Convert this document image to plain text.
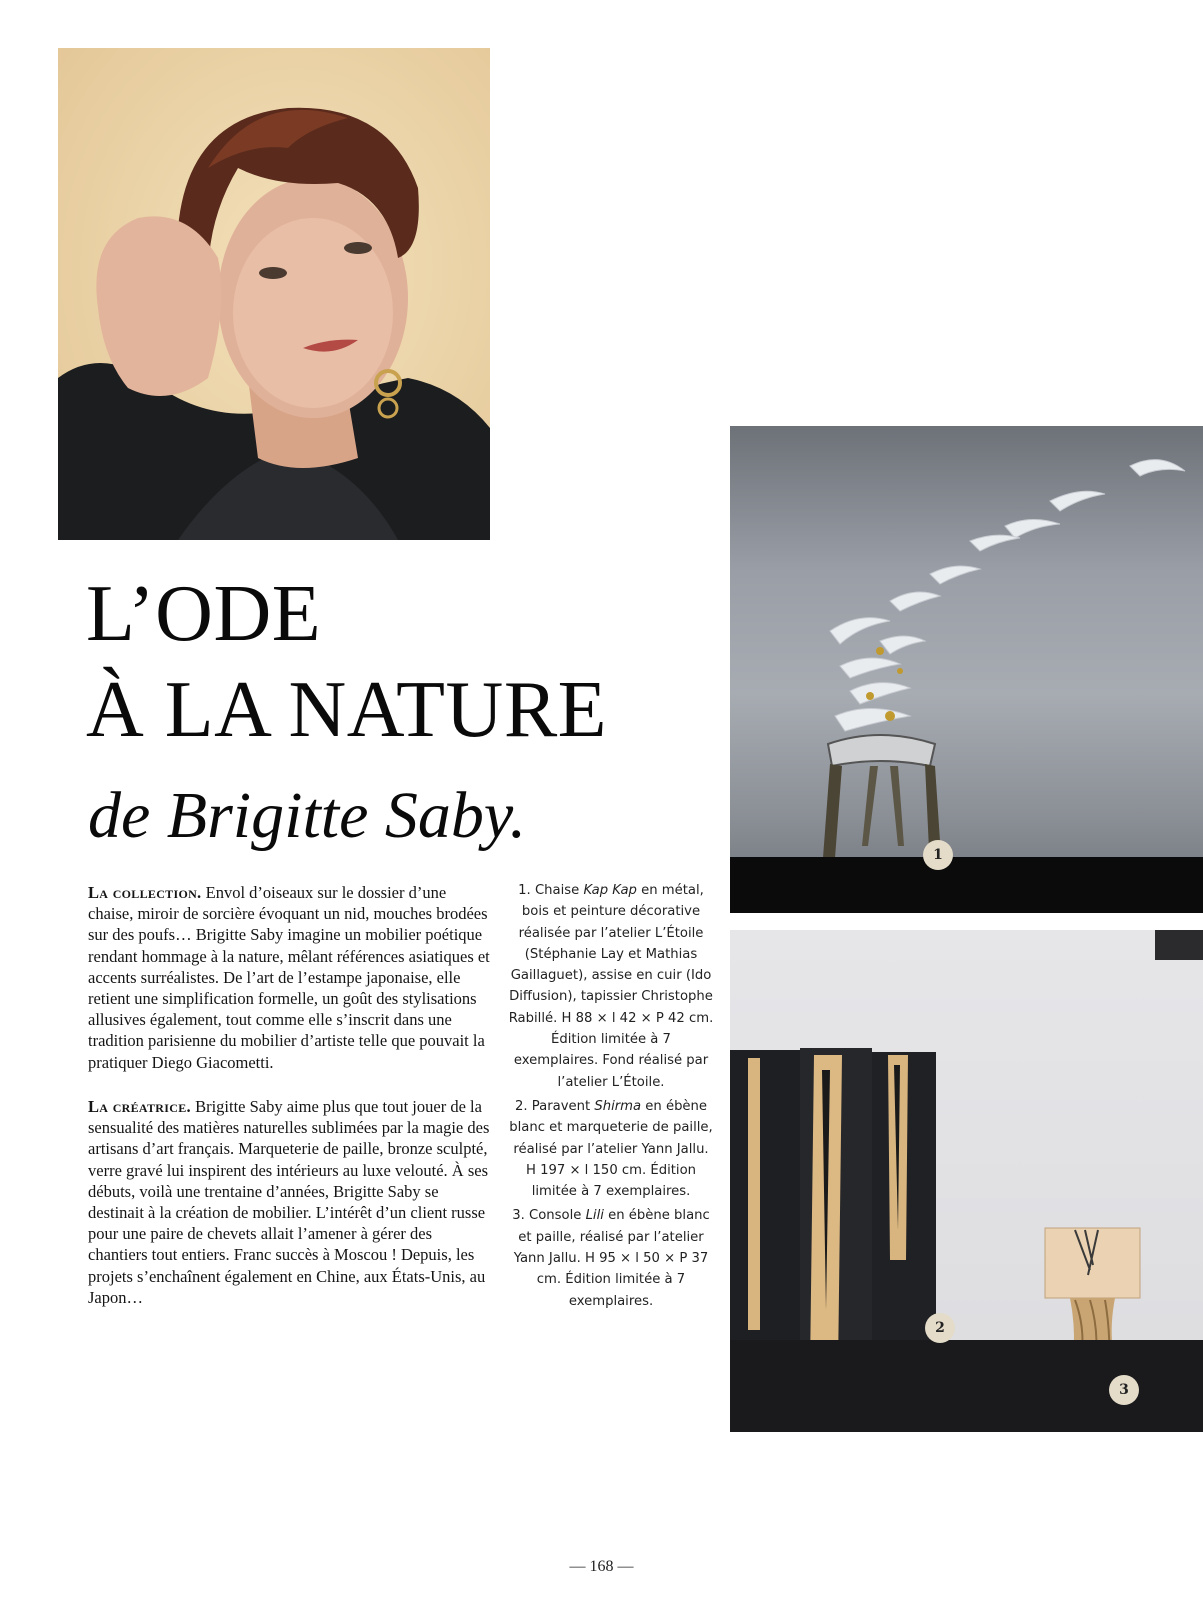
L’ODE
À LA NATURE
de Brigitte Saby.

La collection. Envol d’oiseaux sur le dossier d’une chaise, miroir de sorcière évoquant un nid, mouches brodées sur des poufs… Brigitte Saby imagine un mobilier poétique rendant hommage à la nature, mêlant références asiatiques et accents surréalistes. De l’art de l’estampe japonaise, elle retient une simplification formelle, un goût des stylisations allusives également, tout comme elle s’inscrit dans une tradition parisienne du mobilier d’artiste telle que pouvait la pratiquer Diego Giacometti.

La créatrice. Brigitte Saby aime plus que tout jouer de la sensualité des matières naturelles sublimées par la magie des artisans d’art français. Marqueterie de paille, bronze sculpté, verre gravé lui inspirent des intérieurs au luxe velouté. À ses débuts, voilà une trentaine d’années, Brigitte Saby se destinait à la création de mobilier. L’intérêt d’un client russe pour une paire de chevets allait l’amener à gérer des chantiers tout entiers. Franc succès à Moscou ! Depuis, les projets s’enchaînent également en Chine, aux États-Unis, au Japon…

1. Chaise Kap Kap en métal, bois et peinture décorative réalisée par l’atelier L’Étoile (Stéphanie Lay et Mathias Gaillaguet), assise en cuir (Ido Diffusion), tapissier Christophe Rabillé. H 88 × l 42 × P 42 cm. Édition limitée à 7 exemplaires. Fond réalisé par l’atelier L’Étoile.

2. Paravent Shirma en ébène blanc et marqueterie de paille, réalisé par l’atelier Yann Jallu. H 197 × l 150 cm. Édition limitée à 7 exemplaires.

3. Console Lili en ébène blanc et paille, réalisé par l’atelier Yann Jallu. H 95 × l 50 × P 37 cm. Édition limitée à 7 exemplaires.

1
2
3
— 168 —
